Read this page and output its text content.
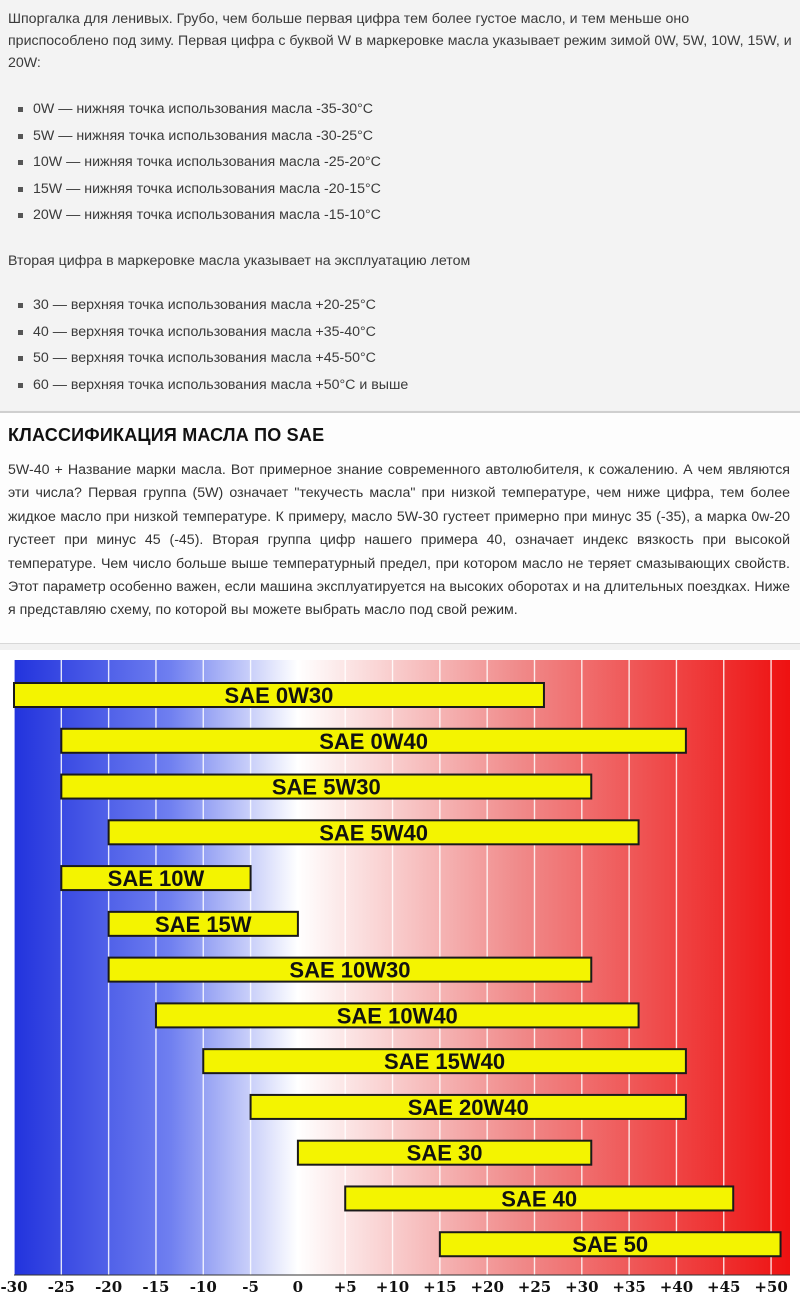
Шпоргалка для ленивых. Грубо, чем больше первая цифра тем более густое масло, и тем меньше оно приспособлено под зиму. Первая цифра с буквой W в маркеровке масла указывает режим зимой 0W, 5W, 10W, 15W, и 20W:

0W — нижняя точка использования масла -35-30°C
5W — нижняя точка использования масла -30-25°C
10W — нижняя точка использования масла -25-20°C
15W — нижняя точка использования масла -20-15°C
20W — нижняя точка использования масла -15-10°C

Вторая цифра в маркеровке масла указывает на эксплуатацию летом

30 — верхняя точка использования масла +20-25°C
40 — верхняя точка использования масла +35-40°C
50 — верхняя точка использования масла +45-50°C
60 — верхняя точка использования масла +50°C и выше
КЛАССИФИКАЦИЯ МАСЛА ПО SAE

5W-40 + Название марки масла. Вот примерное знание современного автолюбителя, к сожалению. А чем являются эти числа? Первая группа (5W) означает "текучесть масла" при низкой температуре, чем ниже цифра, тем более жидкое масло при низкой температуре. К примеру, масло 5W-30 густеет примерно при минус 35 (-35), а марка 0w-20 густеет при минус 45 (-45). Вторая группа цифр нашего примера 40, означает индекс вязкость при высокой температуре. Чем число больше выше температурный предел, при котором масло не теряет смазывающих свойств. Этот параметр особенно важен, если машина эксплуатируется на высоких оборотах и на длительных поездках. Ниже я представляю схему, по которой вы можете выбрать масло под свой режим.

-30 -25 -20 -15 -10 -5 0 +5 +10 +15 +20 +25 +30 +35 +40 +45 +50
SAE 0W30
SAE 0W40
SAE 5W30
SAE 5W40
SAE 10W
SAE 15W
SAE 10W30
SAE 10W40
SAE 15W40
SAE 20W40
SAE 30
SAE 40
SAE 50
